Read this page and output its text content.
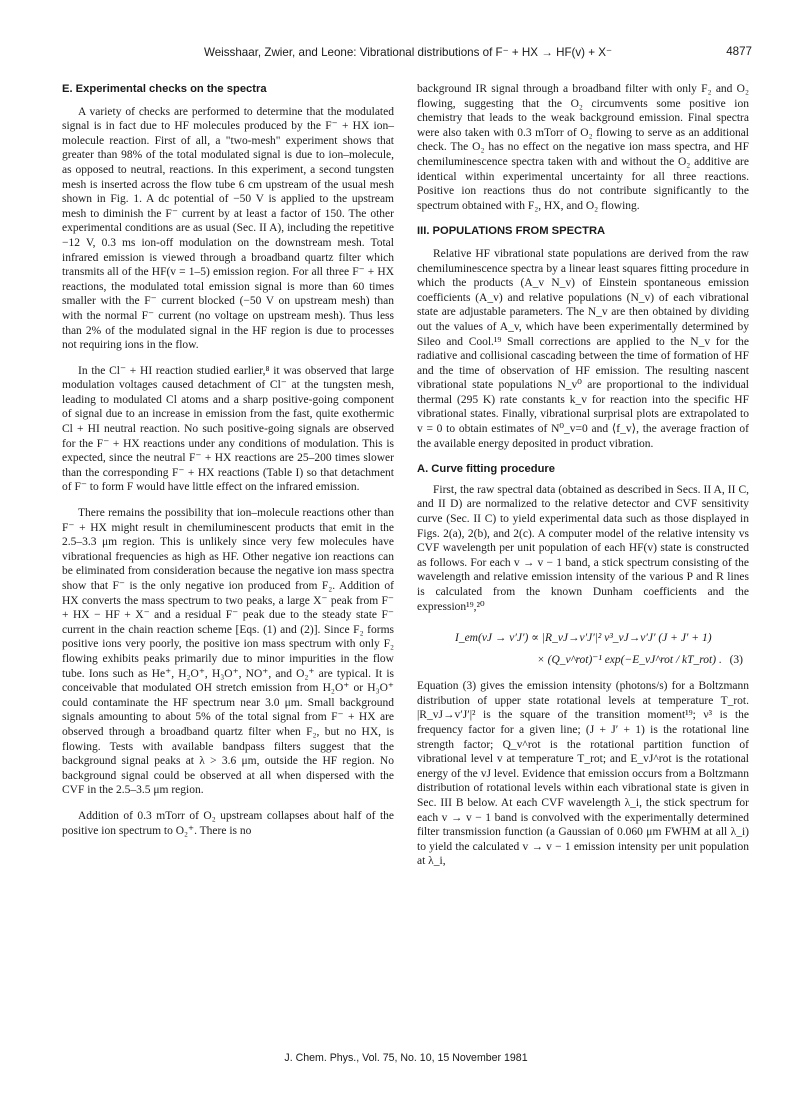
Weisshaar, Zwier, and Leone: Vibrational distributions of F⁻ + HX → HF(v) + X⁻	4877
E. Experimental checks on the spectra

A variety of checks are performed to determine that the modulated signal is in fact due to HF molecules produced by the F⁻ + HX ion–molecule reaction. First of all, a "two-mesh" experiment shows that greater than 98% of the total modulated signal is due to ion–molecule, as opposed to neutral, reactions. In this experiment, a second tungsten mesh is inserted across the flow tube 6 cm upstream of the usual mesh shown in Fig. 1. A dc potential of −50 V is applied to the upstream mesh to diminish the F⁻ current by at least a factor of 150. The other experimental conditions are as usual (Sec. II A), including the repetitive −12 V, 0.3 ms ion-off modulation on the downstream mesh. Total infrared emission is viewed through a broadband quartz filter which transmits all of the HF(v = 1–5) emission region. For all three F⁻ + HX reactions, the modulated total emission signal is more than 60 times smaller with the F⁻ current blocked (−50 V on upstream mesh) than with the normal F⁻ current (no voltage on upstream mesh). Thus less than 2% of the modulated signal in the HF region is due to processes not requiring ions in the flow.

In the Cl⁻ + HI reaction studied earlier,⁸ it was observed that large modulation voltages caused detachment of Cl⁻ at the tungsten mesh, leading to modulated Cl atoms and a sharp positive-going component of signal due to an increase in emission from the fast, quite exothermic Cl + HI neutral reaction. No such positive-going signals are observed for the F⁻ + HX reactions under any conditions of modulation. This is expected, since the neutral F⁻ + HX reactions are 25–200 times slower than the corresponding F⁻ + HX reactions (Table I) so that detachment of F⁻ to form F would have little effect on the infrared emission.

There remains the possibility that ion–molecule reactions other than F⁻ + HX might result in chemiluminescent products that emit in the 2.5–3.3 μm region. This is unlikely since very few molecules have vibrational frequencies as high as HF. Other negative ion reactions can be eliminated from consideration because the negative ion mass spectra show that F⁻ is the only negative ion produced from F₂. Addition of HX converts the mass spectrum to two peaks, a large X⁻ peak from F⁻ + HX − HF + X⁻ and a residual F⁻ peak due to the steady state F⁻ current in the chain reaction scheme [Eqs. (1) and (2)]. Since F₂ forms positive ions very poorly, the positive ion mass spectrum with only F₂ flowing exhibits peaks primarily due to minor impurities in the flow tube. Ions such as He⁺, H₂O⁺, H₃O⁺, NO⁺, and O₂⁺ are typical. It is conceivable that modulated OH stretch emission from H₂O⁺ or H₃O⁺ could contaminate the HF spectrum near 3.0 μm. Small background signals amounting to about 5% of the total signal from F⁻ + HX are observed through a broadband quartz filter when F₂, but no HX, is flowing. Tests with available bandpass filters suggest that the background signal peaks at λ > 3.6 μm, outside the HF region. No background signal could be observed at all when dispersed with the CVF in the 2.5–3.5 μm region.

Addition of 0.3 mTorr of O₂ upstream collapses about half of the positive ion spectrum to O₂⁺. There is no

background IR signal through a broadband filter with only F₂ and O₂ flowing, suggesting that the O₂ circumvents some positive ion chemistry that leads to the weak background emission. Final spectra were also taken with 0.3 mTorr of O₂ flowing to serve as an additional check. The O₂ has no effect on the negative ion mass spectra, and HF chemiluminescence spectra taken with and without the O₂ additive are identical within experimental uncertainty for all three reactions. Positive ion reactions thus do not contribute significantly to the spectrum obtained with F₂, HX, and O₂ flowing.

III. POPULATIONS FROM SPECTRA

Relative HF vibrational state populations are derived from the raw chemiluminescence spectra by a linear least squares fitting procedure in which the products (A_v N_v) of Einstein spontaneous emission coefficients (A_v) and relative populations (N_v) of each vibrational state are adjustable parameters. The N_v are then obtained by dividing out the values of A_v, which have been experimentally determined by Sileo and Cool.¹⁹ Small corrections are applied to the N_v for the radiative and collisional cascading between the time of formation of HF and the time of observation of HF emission. The resulting nascent vibrational state populations N_v⁰ are proportional to the individual thermal (295 K) rate constants k_v for reaction into the specific HF vibrational states. Finally, vibrational surprisal plots are extrapolated to v = 0 to obtain estimates of N⁰_v=0 and ⟨f_v⟩, the average fraction of the available energy deposited in product vibration.

A. Curve fitting procedure

First, the raw spectral data (obtained as described in Secs. II A, II C, and II D) are normalized to the relative detector and CVF sensitivity curve (Sec. II C) to yield experimental data such as those displayed in Figs. 2(a), 2(b), and 2(c). A computer model of the relative intensity vs CVF wavelength per unit population of each HF(v) state is constructed as follows. For each v → v − 1 band, a stick spectrum consisting of the wavelength and relative emission intensity of the various P and R lines is calculated from the known Dunham coefficients and the expression¹⁹,²⁰

I_em(vJ → v′J′) ∝ |R_vJ→v′J′|² ν³_vJ→v′J′ (J + J′ + 1)
× (Q_v^rot)⁻¹ exp(−E_vJ^rot / kT_rot) . (3)

Equation (3) gives the emission intensity (photons/s) for a Boltzmann distribution of upper state rotational levels at temperature T_rot. |R_vJ→v′J′|² is the square of the transition moment¹⁹; ν³ is the frequency factor for a given line; (J + J′ + 1) is the rotational line strength factor; Q_v^rot is the rotational partition function of vibrational level v at temperature T_rot; and E_vJ^rot is the rotational energy of the vJ level. Evidence that emission occurs from a Boltzmann distribution of rotational levels within each vibrational state is given in Sec. III B below. At each CVF wavelength λ_i, the stick spectrum for each v → v − 1 band is convolved with the experimentally determined filter transmission function (a Gaussian of 0.060 μm FWHM at all λ_i) to yield the calculated v → v − 1 emission intensity per unit population at λ_i,

J. Chem. Phys., Vol. 75, No. 10, 15 November 1981
